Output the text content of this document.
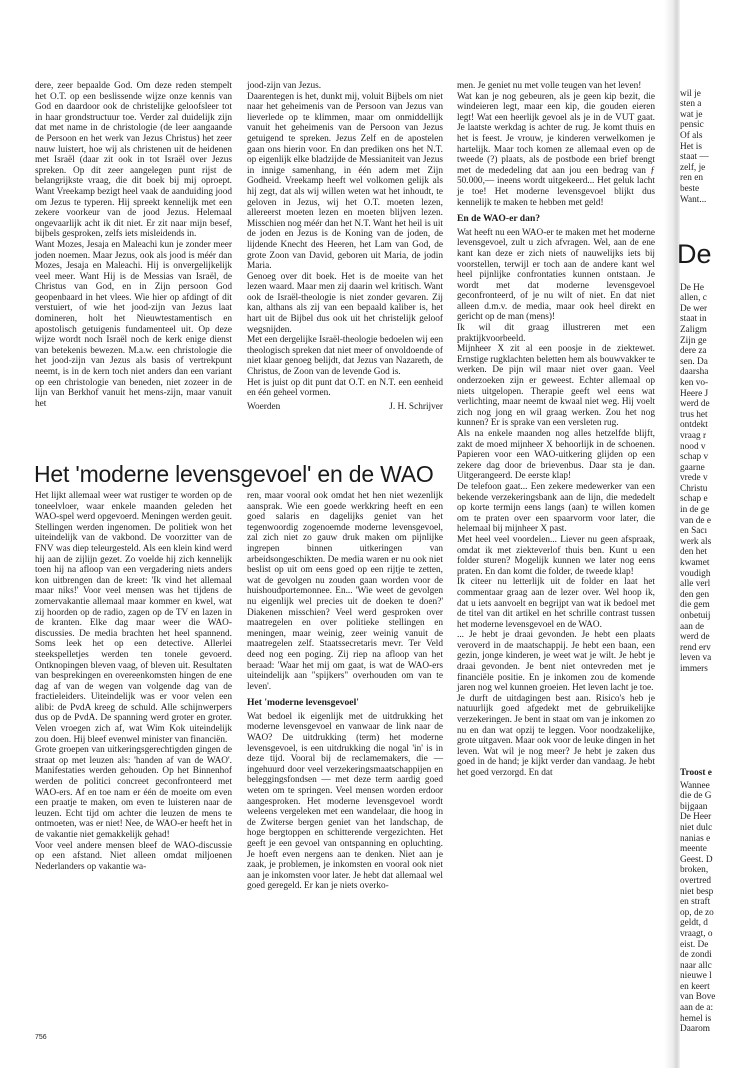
dere, zeer bepaalde God. Om deze reden stempelt het O.T. op een beslissende wijze onze kennis van God en daardoor ook de christelijke geloofsleer tot in haar grondstructuur toe. Verder zal duidelijk zijn dat met name in de christologie (de leer aangaande de Persoon en het werk van Jezus Christus) het zeer nauw luistert, hoe wij als christenen uit de heidenen met Israël (daar zit ook in tot Israël over Jezus spreken. Op dit zeer aangelegen punt rijst de belangrijkste vraag, die dit boek bij mij oproept. Want Vreekamp bezigt heel vaak de aanduiding jood om Jezus te typeren. Hij spreekt kennelijk met een zekere voorkeur van de jood Jezus. Helemaal ongevaarlijk acht ik dit niet. Er zit naar mijn besef, bijbels gesproken, zelfs iets misleidends in.
Want Mozes, Jesaja en Maleachi kun je zonder meer joden noemen. Maar Jezus, ook als jood is méér dan Mozes, Jesaja en Maleachi. Hij is onvergelijkelijk veel meer. Want Hij is de Messias van Israël, de Christus van God, en in Zijn persoon God geopenbaard in het vlees. Wie hier op afdingt of dit verstuiert, of wie het jood-zijn van Jezus laat domineren, holt het Nieuwtestamentisch en apostolisch getuigenis fundamenteel uit. Op deze wijze wordt noch Israël noch de kerk enige dienst van betekenis bewezen. M.a.w. een christologie die het jood-zijn van Jezus als basis of vertrekpunt neemt, is in de kern toch niet anders dan een variant op een christologie van beneden, niet zozeer in de lijn van Berkhof vanuit het mens-zijn, maar vanuit het

jood-zijn van Jezus.
Daarentegen is het, dunkt mij, voluit Bijbels om niet naar het geheimenis van de Persoon van Jezus van lieverlede op te klimmen, maar om onmiddellijk vanuit het geheimenis van de Persoon van Jezus getuigend te spreken. Jezus Zelf en de apostelen gaan ons hierin voor. En dan prediken ons het N.T. op eigenlijk elke bladzijde de Messianiteit van Jezus in innige samenhang, in één adem met Zijn Godheid. Vreekamp heeft wel volkomen gelijk als hij zegt, dat als wij willen weten wat het inhoudt, te geloven in Jezus, wij het O.T. moeten lezen, allereerst moeten lezen en moeten blijven lezen. Misschien nog méér dan het N.T. Want het heil is uit de joden en Jezus is de Koning van de joden, de lijdende Knecht des Heeren, het Lam van God, de grote Zoon van David, geboren uit Maria, de jodin Maria.
Genoeg over dit boek. Het is de moeite van het lezen waard. Maar men zij daarin wel kritisch. Want ook de Israël-theologie is niet zonder gevaren. Zij kan, althans als zij van een bepaald kaliber is, het hart uit de Bijbel dus ook uit het christelijk geloof wegsnijden.
Met een dergelijke Israël-theologie bedoelen wij een theologisch spreken dat niet meer of onvoldoende of niet klaar genoeg belijdt, dat Jezus van Nazareth, de Christus, de Zoon van de levende God is.
Het is juist op dit punt dat O.T. en N.T. een eenheid en één geheel vormen.

Woerden	J. H. Schrijver
Het 'moderne levensgevoel' en de WAO

Het lijkt allemaal weer wat rustiger te worden op de toneelvloer, waar enkele maanden geleden het WAO-spel werd opgevoerd. Meningen werden geuit. Stellingen werden ingenomen. De politiek won het uiteindelijk van de vakbond. De voorzitter van de FNV was diep teleurgesteld. Als een klein kind werd hij aan de zijlijn gezet. Zo voelde hij zich kennelijk toen hij na afloop van een vergadering niets anders kon uitbrengen dan de kreet: 'Ik vind het allemaal maar niks!' Voor veel mensen was het tijdens de zomervakantie allemaal maar kommer en kwel, wat zij hoorden op de radio, zagen op de TV en lazen in de kranten. Elke dag maar weer die WAO-discussies. De media brachten het heel spannend. Soms leek het op een detective. Allerlei steekspelletjes werden ten tonele gevoerd. Ontknopingen bleven vaag, of bleven uit. Resultaten van besprekingen en overeenkomsten hingen de ene dag af van de wegen van volgende dag van de fractieleiders. Uiteindelijk was er voor velen een alibi: de PvdA kreeg de schuld. Alle schijnwerpers dus op de PvdA. De spanning werd groter en groter. Velen vroegen zich af, wat Wim Kok uiteindelijk zou doen. Hij bleef evenwel minister van financiën.
Grote groepen van uitkeringsgerechtigden gingen de straat op met leuzen als: 'handen af van de WAO'. Manifestaties werden gehouden. Op het Binnenhof werden de politici concreet geconfronteerd met WAO-ers. Af en toe nam er één de moeite om even een praatje te maken, om even te luisteren naar de leuzen. Echt tijd om achter die leuzen de mens te ontmoeten, was er niet! Nee, de WAO-er heeft het in de vakantie niet gemakkelijk gehad!
Voor veel andere mensen bleef de WAO-discussie op een afstand. Niet alleen omdat miljoenen Nederlanders op vakantie wa-

ren, maar vooral ook omdat het hen niet wezenlijk aansprak. Wie een goede werkkring heeft en een goed salaris en dagelijks geniet van het tegenwoordig zogenoemde moderne levensgevoel, zal zich niet zo gauw druk maken om pijnlijke ingrepen binnen uitkeringen van arbeidsongeschikten. De media waren er nu ook niet beslist op uit om eens goed op een rijtje te zetten, wat de gevolgen nu zouden gaan worden voor de huishoudportemonnee. En... 'Wie weet de gevolgen nu eigenlijk wel precies uit de doeken te doen?' Diakenen misschien? Veel werd gesproken over maatregelen en over politieke stellingen en meningen, maar weinig, zeer weinig vanuit de maatregelen zelf. Staatssecretaris mevr. Ter Veld deed nog een poging. Zij riep na afloop van het beraad: 'Waar het mij om gaat, is wat de WAO-ers uiteindelijk aan "spijkers" overhouden om van te leven'.

Het 'moderne levensgevoel'

Wat bedoel ik eigenlijk met de uitdrukking het moderne levensgevoel en vanwaar de link naar de WAO? De uitdrukking (term) het moderne levensgevoel, is een uitdrukking die nogal 'in' is in deze tijd. Vooral bij de reclamemakers, die — ingehuurd door veel verzekeringsmaatschappijen en beleggingsfondsen — met deze term aardig goed weten om te springen. Veel mensen worden erdoor aangesproken. Het moderne levensgevoel wordt weleens vergeleken met een wandelaar, die hoog in de Zwiterse bergen geniet van het landschap, de hoge bergtoppen en schitterende vergezichten. Het geeft je een gevoel van ontspanning en opluchting. Je hoeft even nergens aan te denken. Niet aan je zaak, je problemen, je inkomsten en vooral ook niet aan je inkomsten voor later. Je hebt dat allemaal wel goed geregeld. Er kan je niets overko-

men. Je geniet nu met volle teugen van het leven!
Wat kan je nog gebeuren, als je geen kip bezit, die windeieren legt, maar een kip, die gouden eieren legt! Wat een heerlijk gevoel als je in de VUT gaat. Je laatste werkdag is achter de rug. Je komt thuis en het is feest. Je vrouw, je kinderen verwelkomen je hartelijk. Maar toch komen ze allemaal even op de tweede (?) plaats, als de postbode een brief brengt met de mededeling dat aan jou een bedrag van ƒ 50.000,— ineens wordt uitgekeerd... Het geluk lacht je toe! Het moderne levensgevoel blijkt dus kennelijk te maken te hebben met geld!

En de WAO-er dan?

Wat heeft nu een WAO-er te maken met het moderne levensgevoel, zult u zich afvragen. Wel, aan de ene kant kan deze er zich niets of nauwelijks iets bij voorstellen, terwijl er toch aan de andere kant wel heel pijnlijke confrontaties kunnen ontstaan. Je wordt met dat moderne levensgevoel geconfronteerd, of je nu wilt of niet. En dat niet alleen d.m.v. de media, maar ook heel direkt en gericht op de man (mens)!
Ik wil dit graag illustreren met een praktijkvoorbeeld.
Mijnheer X zit al een poosje in de ziektewet. Ernstige rugklachten beletten hem als bouwvakker te werken. De pijn wil maar niet over gaan. Veel onderzoeken zijn er geweest. Echter allemaal op niets uitgelopen. Therapie geeft wel eens wat verlichting, maar neemt de kwaal niet weg. Hij voelt zich nog jong en wil graag werken. Zou het nog kunnen? Er is sprake van een versleten rug.
Als na enkele maanden nog alles hetzelfde blijft, zakt de moed mijnheer X behoorlijk in de schoenen. Papieren voor een WAO-uitkering glijden op een zekere dag door de brievenbus. Daar sta je dan. Uitgerangeerd. De eerste klap!
De telefoon gaat... Een zekere medewerker van een bekende verzekeringsbank aan de lijn, die mededelt op korte termijn eens langs (aan) te willen komen om te praten over een spaarvorm voor later, die helemaal bij mijnheer X past.
Met heel veel voordelen... Liever nu geen afspraak, omdat ik met ziekteverlof thuis ben. Kunt u een folder sturen? Mogelijk kunnen we later nog eens praten. En dan komt die folder, de tweede klap!
Ik citeer nu letterlijk uit de folder en laat het commentaar graag aan de lezer over. Wel hoop ik, dat u iets aanvoelt en begrijpt van wat ik bedoel met de titel van dit artikel en het schrille contrast tussen het moderne levensgevoel en de WAO.
... Je hebt je draai gevonden. Je hebt een plaats veroverd in de maatschappij. Je hebt een baan, een gezin, jonge kinderen, je weet wat je wilt. Je hebt je draai gevonden. Je bent niet ontevreden met je financiële positie. En je inkomen zou de komende jaren nog wel kunnen groeien. Het leven lacht je toe.
Je durft de uitdagingen best aan. Risico's heb je natuurlijk goed afgedekt met de gebruikelijke verzekeringen. Je bent in staat om van je inkomen zo nu en dan wat opzij te leggen. Voor noodzakelijke, grote uitgaven. Maar ook voor de leuke dingen in het leven. Wat wil je nog meer? Je hebt je zaken dus goed in de hand; je kijkt verder dan vandaag. Je hebt het goed verzorgd. En dat

756

wil je
sten a
wat je
pensic
Of als
Het is
staat —
zelf, je
ren en
beste
Want...

De

De He
allen, c
De wer
staat in
Zaligm
Zijn ge
dere za
sen. Da
daarsha
ken vo-
Heere J
werd de
trus het
ontdekt
vraag r
nood v
schap v
gaarne
vrede v
Christu
schap e
in de ge
van de e
en Sacı
werk als
den het
kwamet
voudigh
alle verl
den gen
die gem
onbetuij
aan de
werd de
rend erv
leven va
immers

Troost e

Wannee
die de G
bijgaan
De Heer
niet dulc
nanias e
meente
Geest. D
broken,
overtred
niet besp
en straft
op, de zo
geldt, d
vraagt, o
eist. De
de zondi
naar allc
nieuwe l
en keert
van Bove
aan de a:
hemel is
Daarom
